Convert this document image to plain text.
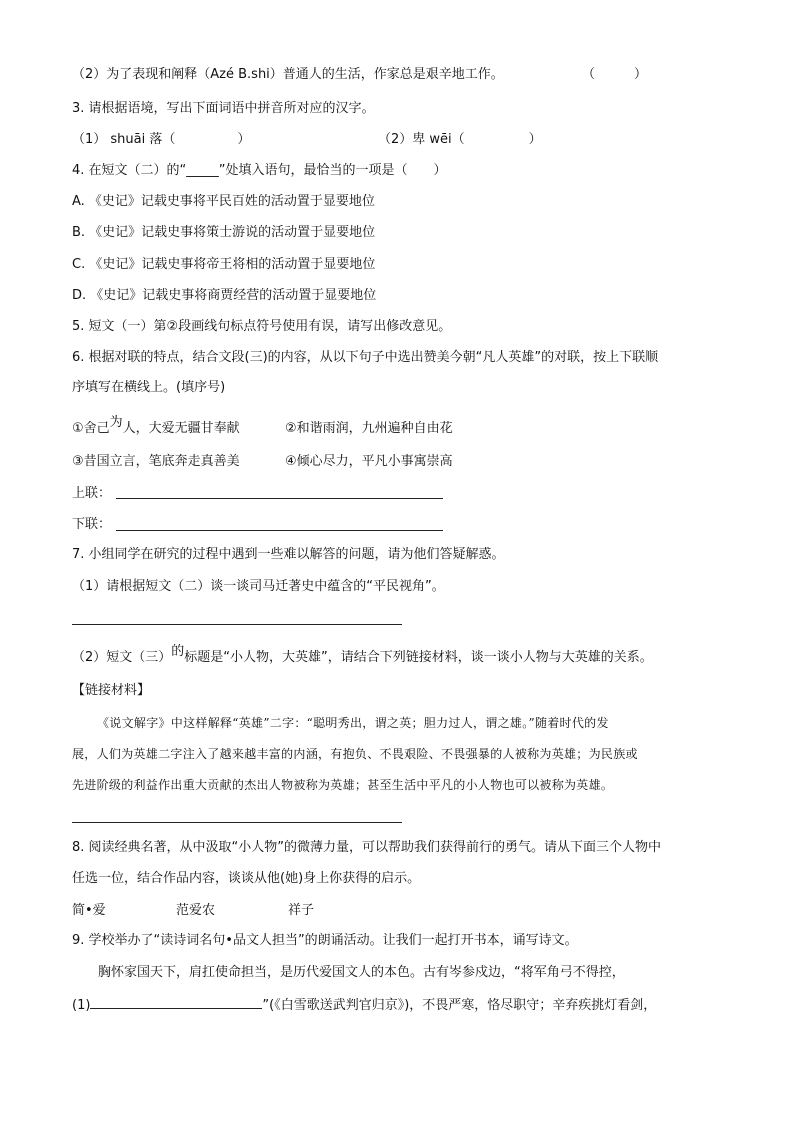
（2）为了表现和阐释（Azé B.shi）普通人的生活，作家总是艰辛地工作。	（　　　）
3. 请根据语境，写出下面词语中拼音所对应的汉字。
（1） shuāi 落（	）	（2）卑 wēi（	）
4. 在短文（二）的“_____”处填入语句，最恰当的一项是（　　）
A. 《史记》记载史事将平民百姓的活动置于显要地位
B. 《史记》记载史事将策士游说的活动置于显要地位
C. 《史记》记载史事将帝王将相的活动置于显要地位
D. 《史记》记载史事将商贾经营的活动置于显要地位
5. 短文（一）第②段画线句标点符号使用有误，请写出修改意见。
6. 根据对联的特点，结合文段(三)的内容，从以下句子中选出赞美今朝“凡人英雄”的对联，按上下联顺
序填写在横线上。(填序号)
①舍己为人，大爱无疆甘奉献	②和谐雨润，九州遍种自由花
③昔国立言，笔底奔走真善美	④倾心尽力，平凡小事寓崇高
上联：
下联：
7. 小组同学在研究的过程中遇到一些难以解答的问题，请为他们答疑解惑。
（1）请根据短文（二）谈一谈司马迁著史中蕴含的“平民视角”。
（2）短文（三）的标题是“小人物，大英雄”，请结合下列链接材料，谈一谈小人物与大英雄的关系。
【链接材料】
《说文解字》中这样解释“英雄”二字：“聪明秀出，谓之英；胆力过人，谓之雄。”随着时代的发
展，人们为英雄二字注入了越来越丰富的内涵，有抱负、不畏艰险、不畏强暴的人被称为英雄；为民族或
先进阶级的利益作出重大贡献的杰出人物被称为英雄；甚至生活中平凡的小人物也可以被称为英雄。
8. 阅读经典名著，从中汲取“小人物”的微薄力量，可以帮助我们获得前行的勇气。请从下面三个人物中
任选一位，结合作品内容，谈谈从他(她)身上你获得的启示。
简•爱	范爱农	祥子
9. 学校举办了“读诗词名句•品文人担当”的朗诵活动。让我们一起打开书本，诵写诗文。
胸怀家国天下，肩扛使命担当，是历代爱国文人的本色。古有岑参戍边，“将军角弓不得控，
(1)	”(《白雪歌送武判官归京》)，不畏严寒，恪尽职守；辛弃疾挑灯看剑，
